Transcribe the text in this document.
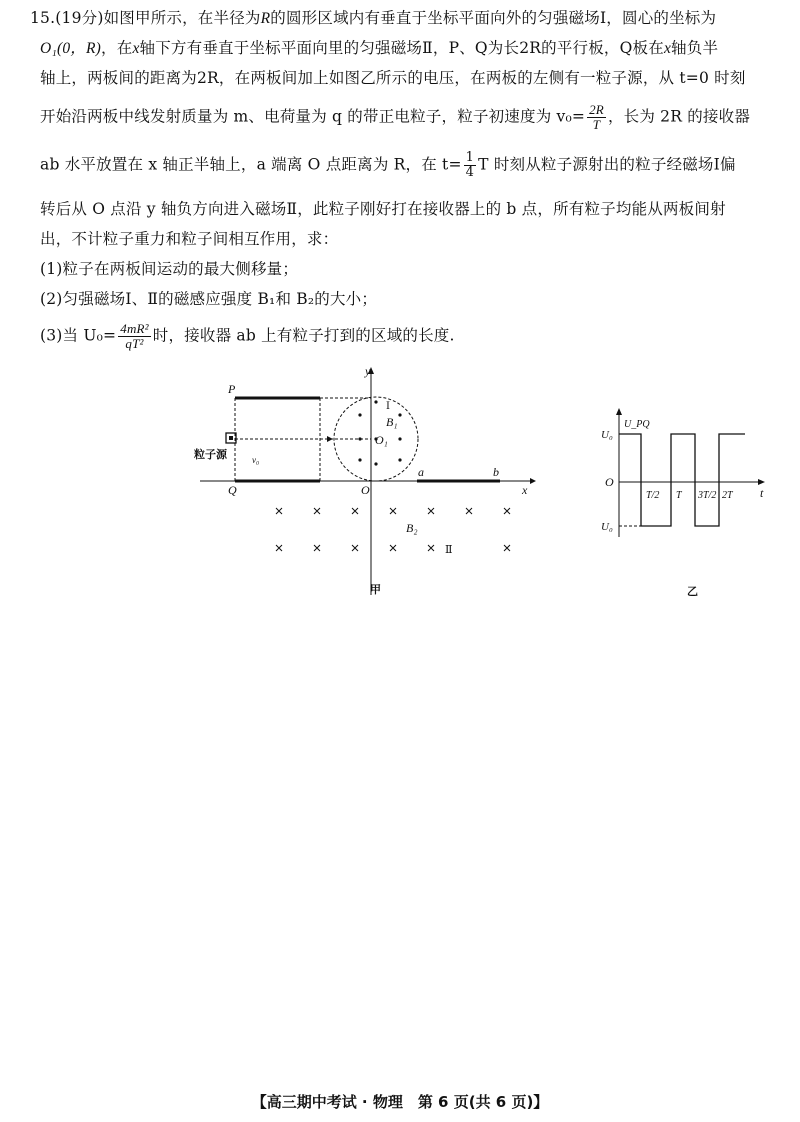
15.(19分)如图甲所示，在半径为R的圆形区域内有垂直于坐标平面向外的匀强磁场Ⅰ，圆心的坐标为
O₁(0，R)，在x轴下方有垂直于坐标平面向里的匀强磁场Ⅱ，P、Q为长2R的平行板，Q板在x轴负半
轴上，两板间的距离为2R，在两板间加上如图乙所示的电压，在两板的左侧有一粒子源，从 t=0 时刻
开始沿两板中线发射质量为 m、电荷量为 q 的带正电粒子，粒子初速度为 $v_0= \frac{2R}{T}$ ，长为 2R 的接收器
ab 水平放置在 x 轴正半轴上，a 端离 O 点距离为 R，在 $t= \frac{1}{4}$ T 时刻从粒子源射出的粒子经磁场Ⅰ偏
转后从 O 点沿 y 轴负方向进入磁场Ⅱ，此粒子刚好打在接收器上的 b 点，所有粒子均能从两板间射
出，不计粒子重力和粒子间相互作用，求：
(1)粒子在两板间运动的最大侧移量；
(2)匀强磁场Ⅰ、Ⅱ的磁感应强度 B₁和 B₂的大小；
(3)当 $U_0= \frac{\text{4mR²}}{\text{qT²}}$ 时，接收器 ab 上有粒子打到的区域的长度.
P
Q	O
O₁
x
y
a	b
B₁
B₂
Ⅰ
Ⅱ
v₀
粒子源
甲
U_PQ
U₀
U₀
O
t
T/2 T 3T/2 2T
乙
【高三期中考试 · 物理　第 6 页(共 6 页)】
